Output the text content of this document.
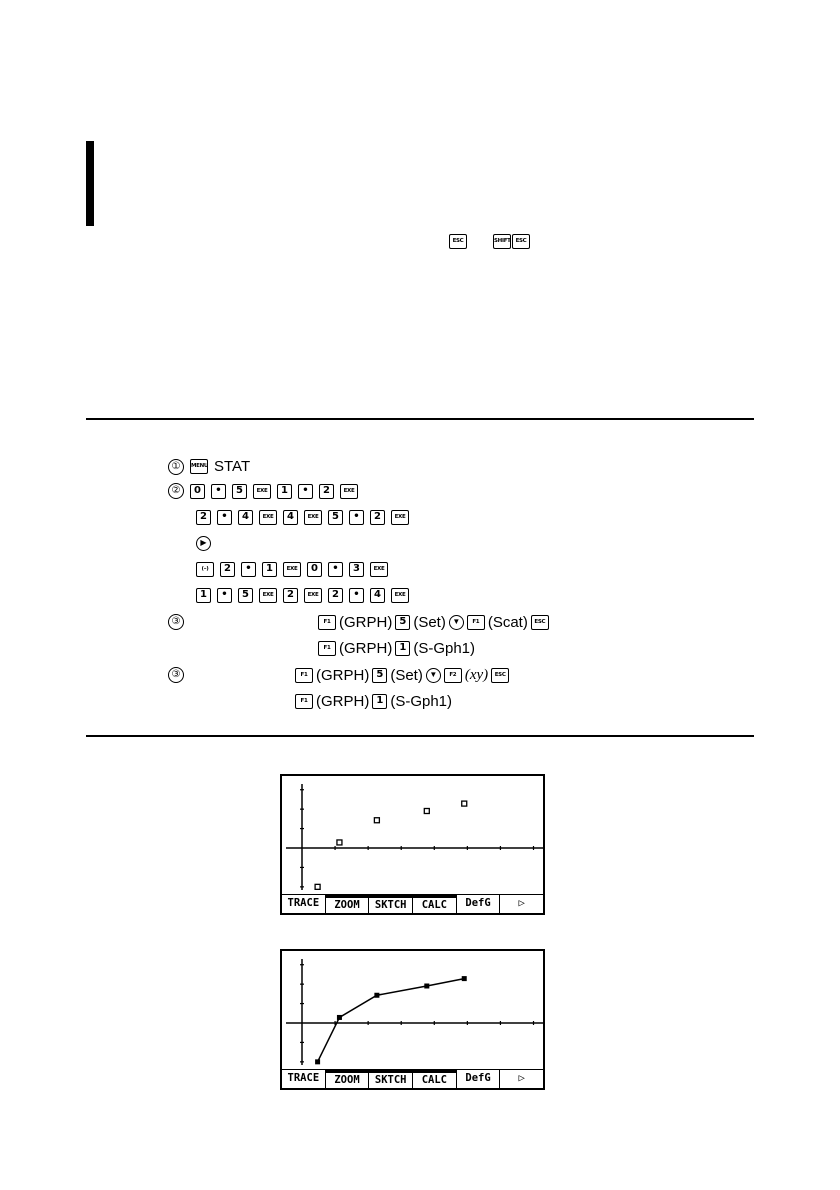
ESC	SHIFT ESC
①	MENU STAT
②	0	•	5	EXE	1	•	2	EXE
2	•	4	EXE	4	EXE	5	•	2	EXE
▶
(–)	2	•	1	EXE	0	•	3	EXE
1	•	5	EXE	2	EXE	2	•	4	EXE
③	F1 (GRPH) 5 (Set) ▼	F1 (Scat)	ESC
F1 (GRPH) 1 (S-Gph1)
③	F1 (GRPH) 5 (Set) ▼	F2 (xy)	ESC
F1 (GRPH) 1 (S-Gph1)
TRACE	ZOOM	SKTCH	CALC	DefG	▷
TRACE	ZOOM	SKTCH	CALC	DefG	▷
